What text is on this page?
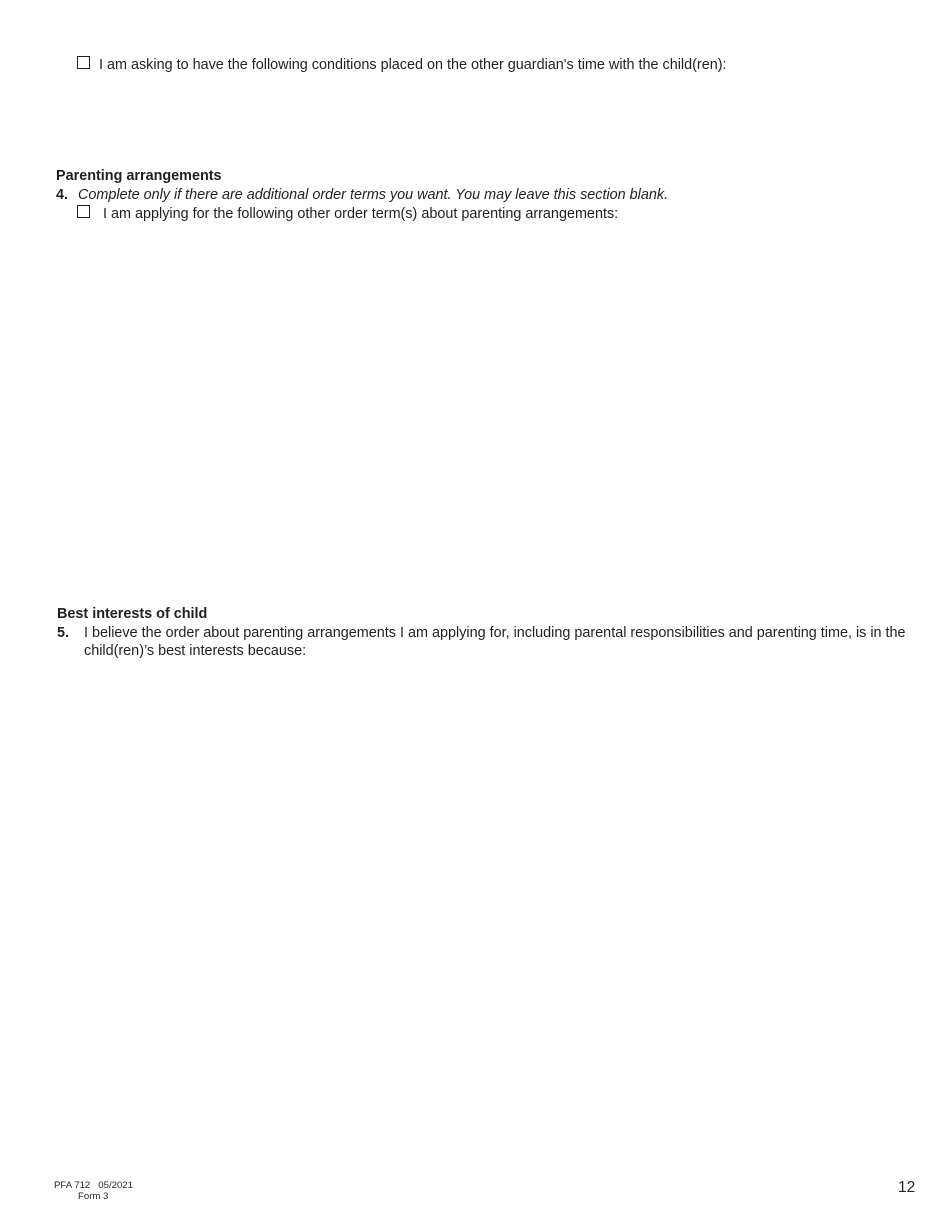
I am asking to have the following conditions placed on the other guardian's time with the child(ren):
Parenting arrangements
4. Complete only if there are additional order terms you want. You may leave this section blank.
I am applying for the following other order term(s) about parenting arrangements:
Best interests of child
5. I believe the order about parenting arrangements I am applying for, including parental responsibilities and parenting time, is in the
child(ren)’s best interests because:
PFA 712 05/2021
Form 3
12
